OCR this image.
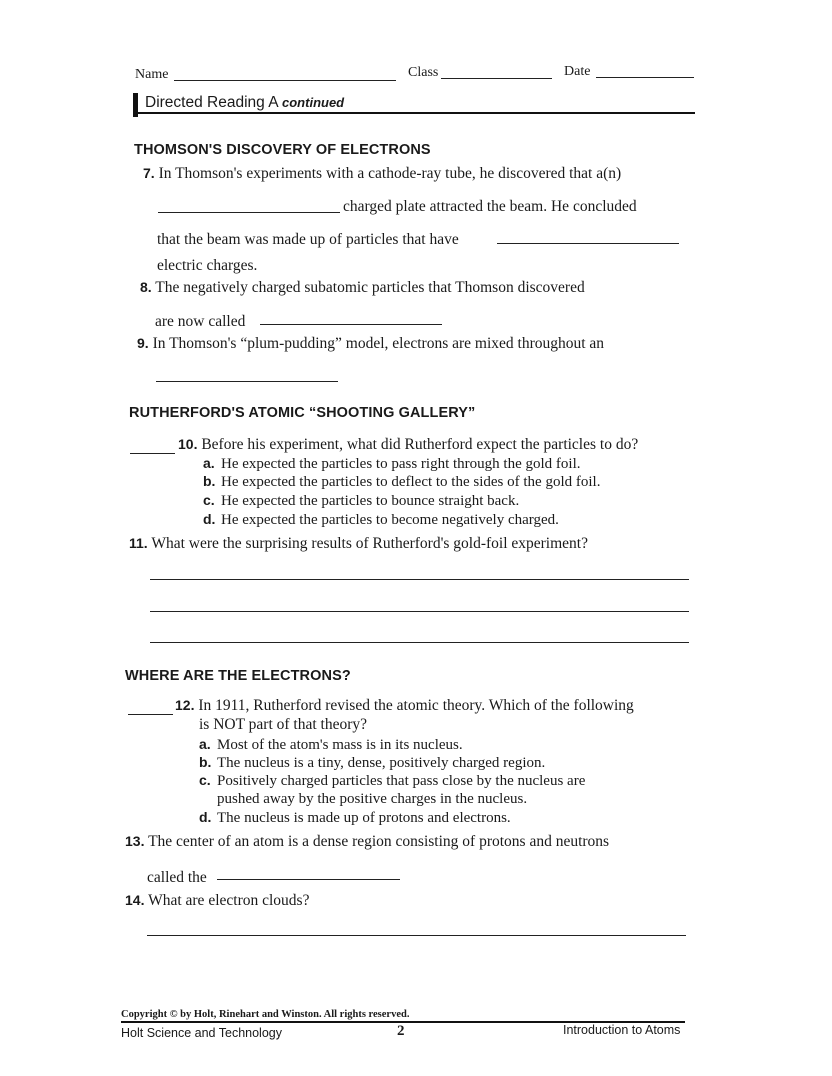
Name	Class	Date
Directed Reading A continued
THOMSON'S DISCOVERY OF ELECTRONS
7. In Thomson's experiments with a cathode-ray tube, he discovered that a(n)
charged plate attracted the beam. He concluded
that the beam was made up of particles that have
electric charges.
8. The negatively charged subatomic particles that Thomson discovered
are now called
9. In Thomson's “plum-pudding” model, electrons are mixed throughout an
RUTHERFORD'S ATOMIC “SHOOTING GALLERY”
10. Before his experiment, what did Rutherford expect the particles to do?
a. He expected the particles to pass right through the gold foil.
b. He expected the particles to deflect to the sides of the gold foil.
c. He expected the particles to bounce straight back.
d. He expected the particles to become negatively charged.
11. What were the surprising results of Rutherford's gold-foil experiment?
WHERE ARE THE ELECTRONS?
12. In 1911, Rutherford revised the atomic theory. Which of the following
is NOT part of that theory?
a. Most of the atom's mass is in its nucleus.
b. The nucleus is a tiny, dense, positively charged region.
c. Positively charged particles that pass close by the nucleus are
pushed away by the positive charges in the nucleus.
d. The nucleus is made up of protons and electrons.
13. The center of an atom is a dense region consisting of protons and neutrons
called the
14. What are electron clouds?
Copyright © by Holt, Rinehart and Winston. All rights reserved.
Holt Science and Technology	2	Introduction to Atoms
